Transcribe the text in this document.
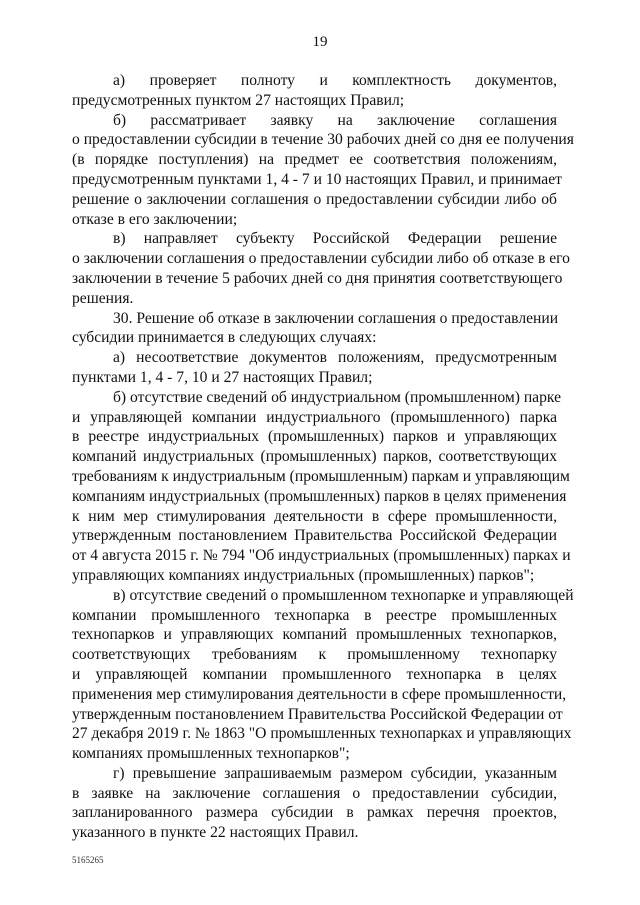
19
а) проверяет полноту и комплектность документов,
предусмотренных пунктом 27 настоящих Правил;
б) рассматривает заявку на заключение соглашения
о предоставлении субсидии в течение 30 рабочих дней со дня ее получения
(в порядке поступления) на предмет ее соответствия положениям,
предусмотренным пунктами 1, 4 - 7 и 10 настоящих Правил, и принимает
решение о заключении соглашения о предоставлении субсидии либо об
отказе в его заключении;
в) направляет субъекту Российской Федерации решение
о заключении соглашения о предоставлении субсидии либо об отказе в его
заключении в течение 5 рабочих дней со дня принятия соответствующего
решения.
30. Решение об отказе в заключении соглашения о предоставлении
субсидии принимается в следующих случаях:
а) несоответствие документов положениям, предусмотренным
пунктами 1, 4 - 7, 10 и 27 настоящих Правил;
б) отсутствие сведений об индустриальном (промышленном) парке
и управляющей компании индустриального (промышленного) парка
в реестре индустриальных (промышленных) парков и управляющих
компаний индустриальных (промышленных) парков, соответствующих
требованиям к индустриальным (промышленным) паркам и управляющим
компаниям индустриальных (промышленных) парков в целях применения
к ним мер стимулирования деятельности в сфере промышленности,
утвержденным постановлением Правительства Российской Федерации
от 4 августа 2015 г. № 794 "Об индустриальных (промышленных) парках и
управляющих компаниях индустриальных (промышленных) парков";
в) отсутствие сведений о промышленном технопарке и управляющей
компании промышленного технопарка в реестре промышленных
технопарков и управляющих компаний промышленных технопарков,
соответствующих требованиям к промышленному технопарку
и управляющей компании промышленного технопарка в целях
применения мер стимулирования деятельности в сфере промышленности,
утвержденным постановлением Правительства Российской Федерации от
27 декабря 2019 г. № 1863 "О промышленных технопарках и управляющих
компаниях промышленных технопарков";
г) превышение запрашиваемым размером субсидии, указанным
в заявке на заключение соглашения о предоставлении субсидии,
запланированного размера субсидии в рамках перечня проектов,
указанного в пункте 22 настоящих Правил.
5165265
